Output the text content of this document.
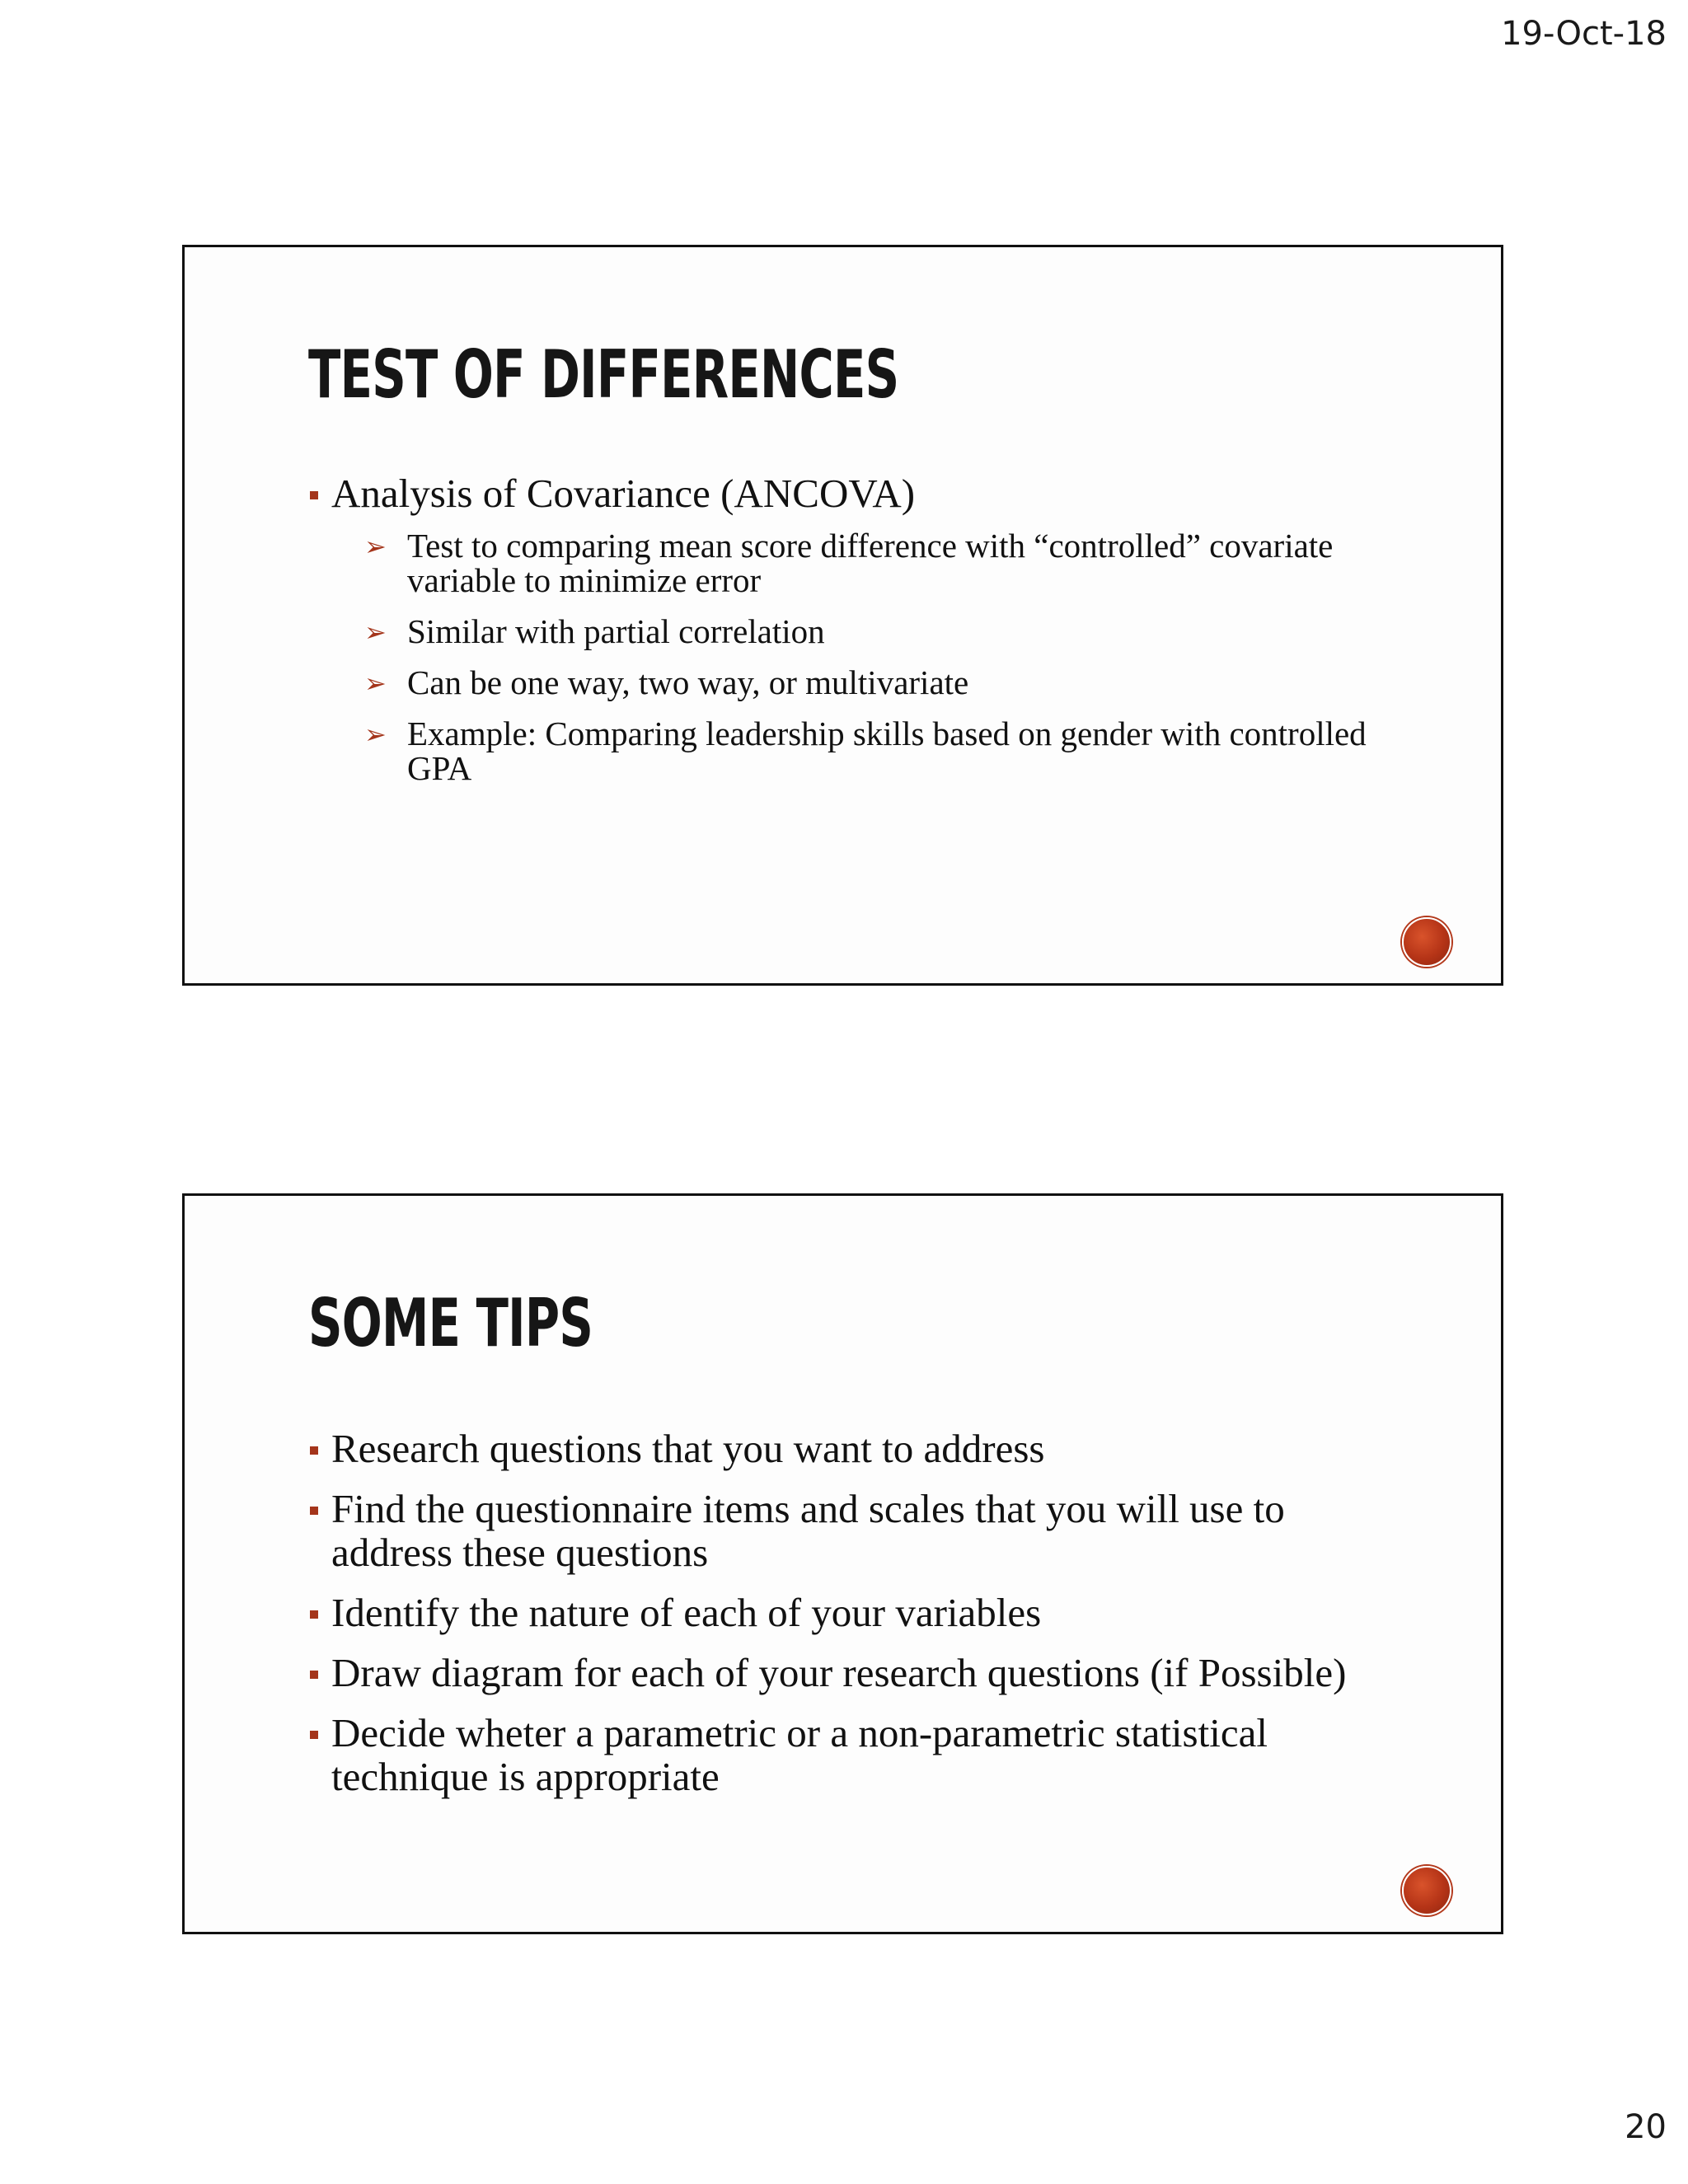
19-Oct-18
TEST OF DIFFERENCES
Analysis of Covariance (ANCOVA)
➢ Test to comparing mean score difference with “controlled” covariate variable to minimize error
➢ Similar with partial correlation
➢ Can be one way, two way, or multivariate
➢ Example: Comparing leadership skills based on gender with controlled GPA
SOME TIPS
Research questions that you want to address
Find the questionnaire items and scales that you will use to address these questions
Identify the nature of each of your variables
Draw diagram for each of your research questions (if Possible)
Decide wheter a parametric or a non-parametric statistical technique is appropriate
20
